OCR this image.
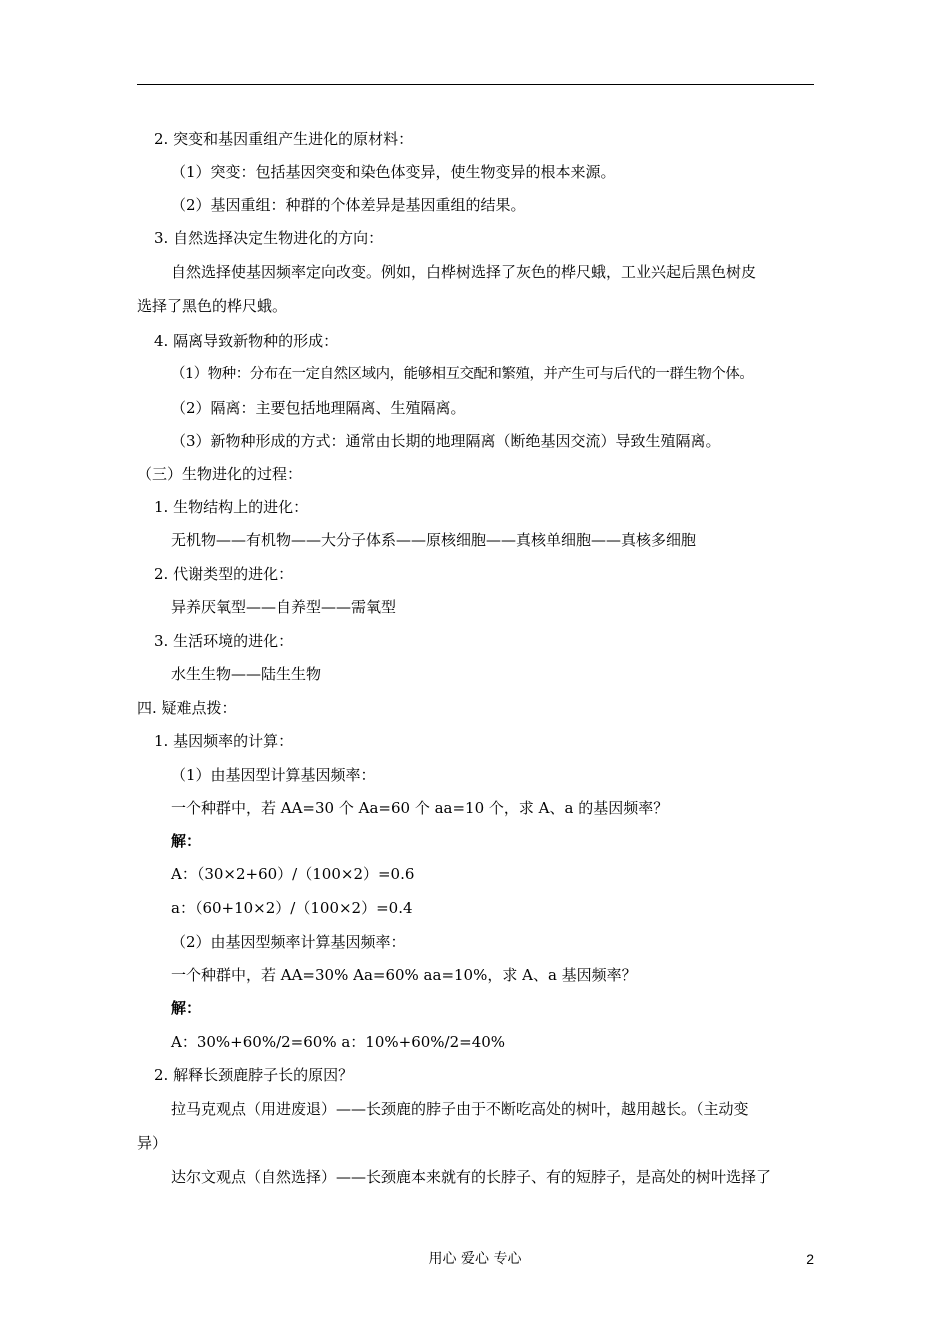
2. 突变和基因重组产生进化的原材料：
（1）突变：包括基因突变和染色体变异，使生物变异的根本来源。
（2）基因重组：种群的个体差异是基因重组的结果。
3. 自然选择决定生物进化的方向：
自然选择使基因频率定向改变。例如，白桦树选择了灰色的桦尺蛾，工业兴起后黑色树皮
选择了黑色的桦尺蛾。
4. 隔离导致新物种的形成：
（1）物种：分布在一定自然区域内，能够相互交配和繁殖，并产生可与后代的一群生物个体。
（2）隔离：主要包括地理隔离、生殖隔离。
（3）新物种形成的方式：通常由长期的地理隔离（断绝基因交流）导致生殖隔离。
（三）生物进化的过程：
1. 生物结构上的进化：
无机物——有机物——大分子体系——原核细胞——真核单细胞——真核多细胞
2. 代谢类型的进化：
异养厌氧型——自养型——需氧型
3. 生活环境的进化：
水生生物——陆生生物
四. 疑难点拨：
1. 基因频率的计算：
（1）由基因型计算基因频率：
一个种群中，若 AA=30 个 Aa=60 个 aa=10 个，求 A、a 的基因频率？
解：
A：（30×2+60）/（100×2）=0.6
a：（60+10×2）/（100×2）=0.4
（2）由基因型频率计算基因频率：
一个种群中，若 AA=30% Aa=60% aa=10%，求 A、a 基因频率？
解：
A：30%+60%/2=60% a：10%+60%/2=40%
2. 解释长颈鹿脖子长的原因？
拉马克观点（用进废退）——长颈鹿的脖子由于不断吃高处的树叶，越用越长。（主动变
异）
达尔文观点（自然选择）——长颈鹿本来就有的长脖子、有的短脖子，是高处的树叶选择了
用心 爱心 专心	2
